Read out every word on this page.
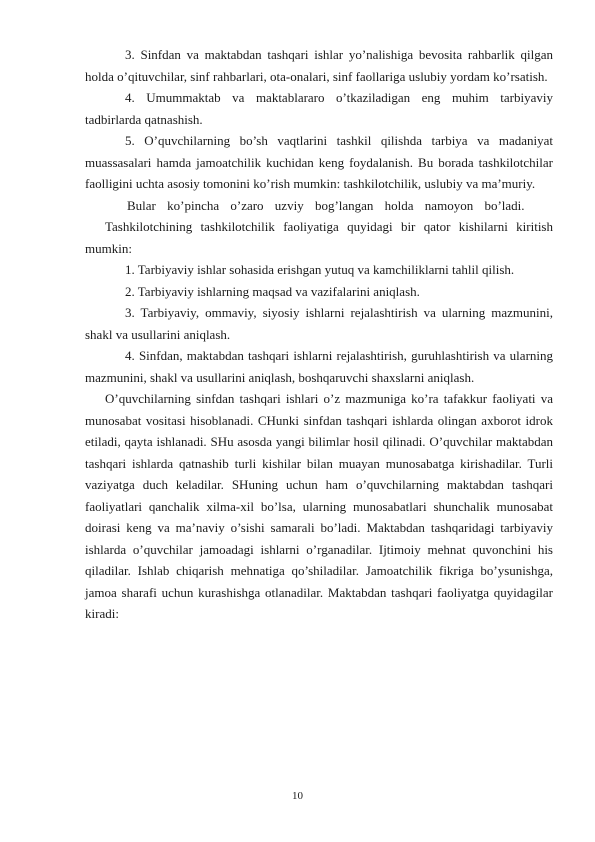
3. Sinfdan va maktabdan tashqari ishlar yo’nalishiga bevosita rahbarlik qilgan holda o’qituvchilar, sinf rahbarlari, ota-onalari, sinf faollariga uslubiy yordam ko’rsatish.

4. Umummaktab va maktablararo o’tkaziladigan eng muhim tarbiyaviy tadbirlarda qatnashish.

5. O’quvchilarning bo’sh vaqtlarini tashkil qilishda tarbiya va madaniyat muassasalari hamda jamoatchilik kuchidan keng foydalanish. Bu borada tashkilotchilar faolligini uchta asosiy tomonini ko’rish mumkin: tashkilotchilik, uslubiy va ma’muriy.

Bular ko’pincha o’zaro uzviy bog’langan holda namoyon bo’ladi.

Tashkilotchining tashkilotchilik faoliyatiga quyidagi bir qator kishilarni kiritish mumkin:

1. Tarbiyaviy ishlar sohasida erishgan yutuq va kamchiliklarni tahlil qilish.

2. Tarbiyaviy ishlarning maqsad va vazifalarini aniqlash.

3. Tarbiyaviy, ommaviy, siyosiy ishlarni rejalashtirish va ularning mazmunini, shakl va usullarini aniqlash.

4. Sinfdan, maktabdan tashqari ishlarni rejalashtirish, guruhlashtirish va ularning mazmunini, shakl va usullarini aniqlash, boshqaruvchi shaxslarni aniqlash.

O’quvchilarning sinfdan tashqari ishlari o’z mazmuniga ko’ra tafakkur faoliyati va munosabat vositasi hisoblanadi. CHunki sinfdan tashqari ishlarda olingan axborot idrok etiladi, qayta ishlanadi. SHu asosda yangi bilimlar hosil qilinadi. O’quvchilar maktabdan tashqari ishlarda qatnashib turli kishilar bilan muayan munosabatga kirishadilar. Turli vaziyatga duch keladilar. SHuning uchun ham o’quvchilarning maktabdan tashqari faoliyatlari qanchalik xilma-xil bo’lsa, ularning munosabatlari shunchalik munosabat doirasi keng va ma’naviy o’sishi samarali bo’ladi. Maktabdan tashqaridagi tarbiyaviy ishlarda o’quvchilar jamoadagi ishlarni o’rganadilar. Ijtimoiy mehnat quvonchini his qiladilar. Ishlab chiqarish mehnatiga qo’shiladilar. Jamoatchilik fikriga bo’ysunishga, jamoa sharafi uchun kurashishga otlanadilar. Maktabdan tashqari faoliyatga quyidagilar kiradi:

10
